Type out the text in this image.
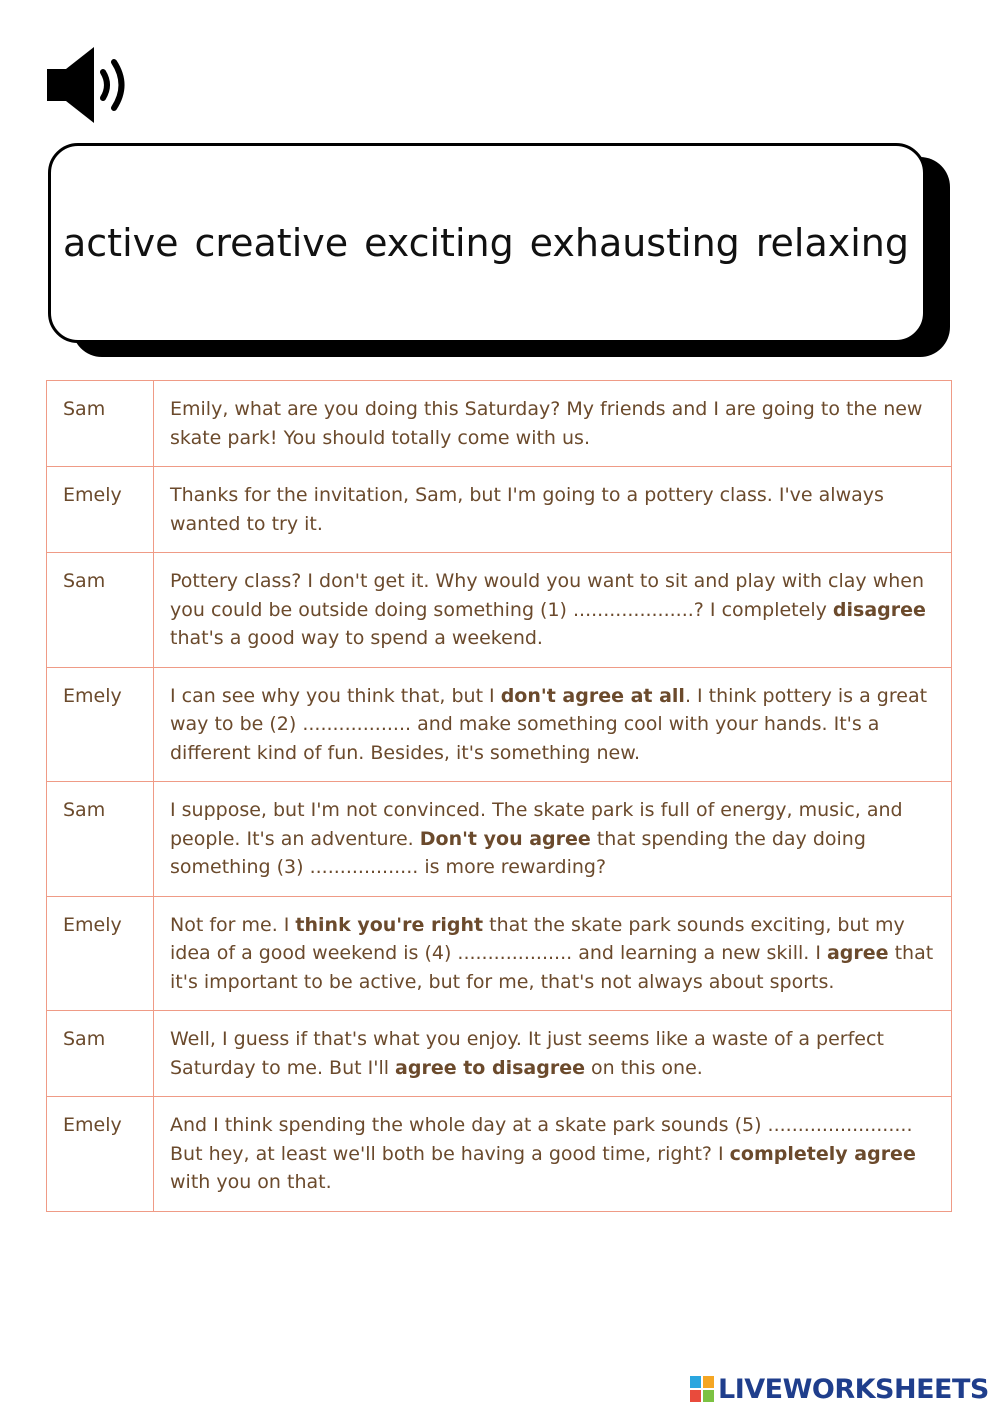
active creative exciting exhausting relaxing
Sam	Emily, what are you doing this Saturday? My friends and I are going to the new skate park! You should totally come with us.
Emely	Thanks for the invitation, Sam, but I'm going to a pottery class. I've always wanted to try it.
Sam	Pottery class? I don't get it. Why would you want to sit and play with clay when you could be outside doing something (1) ....................? I completely disagree that's a good way to spend a weekend.
Emely	I can see why you think that, but I don't agree at all. I think pottery is a great way to be (2) .................. and make something cool with your hands. It's a different kind of fun. Besides, it's something new.
Sam	I suppose, but I'm not convinced. The skate park is full of energy, music, and people. It's an adventure. Don't you agree that spending the day doing something (3) .................. is more rewarding?
Emely	Not for me. I think you're right that the skate park sounds exciting, but my idea of a good weekend is (4) ................... and learning a new skill. I agree that it's important to be active, but for me, that's not always about sports.
Sam	Well, I guess if that's what you enjoy. It just seems like a waste of a perfect Saturday to me. But I'll agree to disagree on this one.
Emely	And I think spending the whole day at a skate park sounds (5) ........................ But hey, at least we'll both be having a good time, right? I completely agree with you on that.
LIVEWORKSHEETS
